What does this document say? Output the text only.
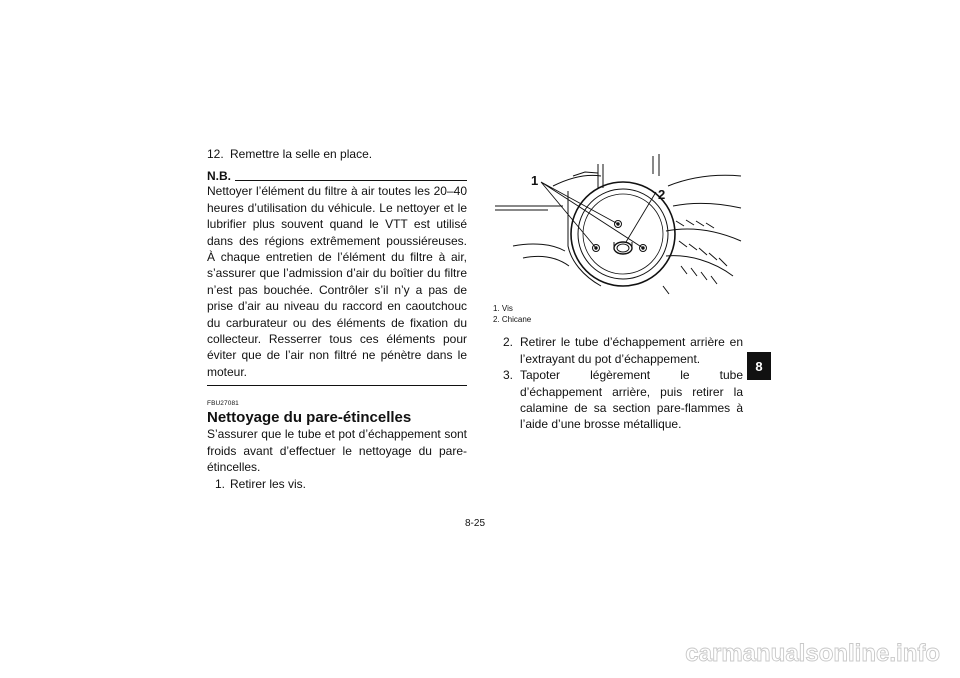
12. Remettre la selle en place.
N.B.
Nettoyer l’élément du filtre à air toutes les 20–40 heures d’utilisation du véhicule. Le nettoyer et le lubrifier plus souvent quand le VTT est utilisé dans des régions extrêmement poussiéreuses. À chaque entretien de l’élément du filtre à air, s’assurer que l’admission d’air du boîtier du filtre n’est pas bouchée. Contrôler s’il n’y a pas de prise d’air au niveau du raccord en caoutchouc du carburateur ou des éléments de fixation du collecteur. Resserrer tous ces éléments pour éviter que de l’air non filtré ne pénètre dans le moteur.
FBU27081
Nettoyage du pare-étincelles
S’assurer que le tube et pot d’échappement sont froids avant d’effectuer le nettoyage du pare-étincelles.
1. Retirer les vis.
1
2
1. Vis
2. Chicane
2. Retirer le tube d’échappement arrière en l’extrayant du pot d’échappement.
3. Tapoter légèrement le tube d’échappement arrière, puis retirer la calamine de sa section pare-flammes à l’aide d’une brosse métallique.
8-25
8
carmanualsonline.info
